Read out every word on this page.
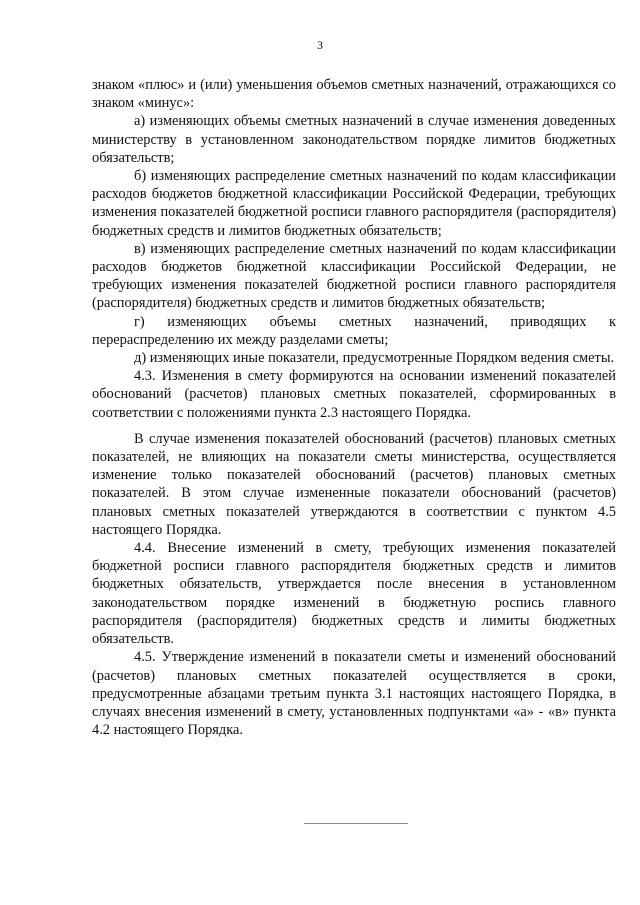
3

знаком «плюс» и (или) уменьшения объемов сметных назначений, отражающихся со знаком «минус»:

а) изменяющих объемы сметных назначений в случае изменения доведенных министерству в установленном законодательством порядке лимитов бюджетных обязательств;

б) изменяющих распределение сметных назначений по кодам классификации расходов бюджетов бюджетной классификации Российской Федерации, требующих изменения показателей бюджетной росписи главного распорядителя (распорядителя) бюджетных средств и лимитов бюджетных обязательств;

в) изменяющих распределение сметных назначений по кодам классификации расходов бюджетов бюджетной классификации Российской Федерации, не требующих изменения показателей бюджетной росписи главного распорядителя (распорядителя) бюджетных средств и лимитов бюджетных обязательств;

г) изменяющих объемы сметных назначений, приводящих к перераспределению их между разделами сметы;

д) изменяющих иные показатели, предусмотренные Порядком ведения сметы.

4.3. Изменения в смету формируются на основании изменений показателей обоснований (расчетов) плановых сметных показателей, сформированных в соответствии с положениями пункта 2.3 настоящего Порядка.

В случае изменения показателей обоснований (расчетов) плановых сметных показателей, не влияющих на показатели сметы министерства, осуществляется изменение только показателей обоснований (расчетов) плановых сметных показателей. В этом случае измененные показатели обоснований (расчетов) плановых сметных показателей утверждаются в соответствии с пунктом 4.5 настоящего Порядка.

4.4. Внесение изменений в смету, требующих изменения показателей бюджетной росписи главного распорядителя бюджетных средств и лимитов бюджетных обязательств, утверждается после внесения в установленном законодательством порядке изменений в бюджетную роспись главного распорядителя (распорядителя) бюджетных средств и лимиты бюджетных обязательств.

4.5. Утверждение изменений в показатели сметы и изменений обоснований (расчетов) плановых сметных показателей осуществляется в сроки, предусмотренные абзацами третьим пункта 3.1 настоящих настоящего Порядка, в случаях внесения изменений в смету, установленных подпунктами «а» - «в» пункта 4.2 настоящего Порядка.
